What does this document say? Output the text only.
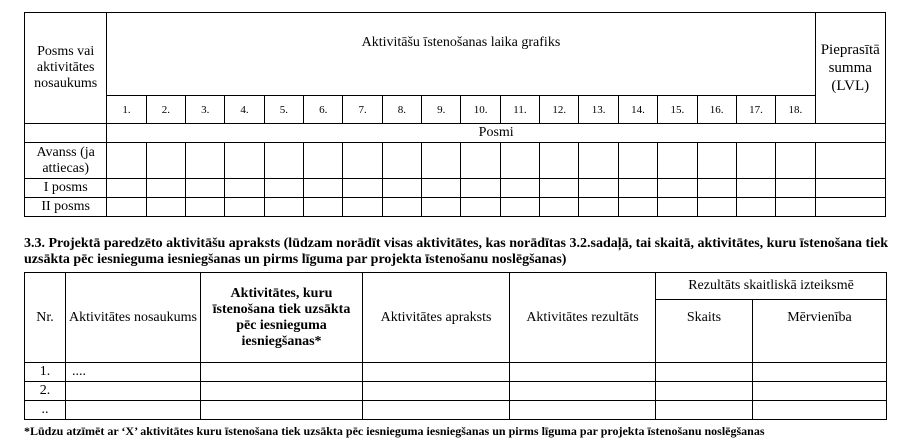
Posms vai aktivitātes nosaukums	Aktivitāšu īstenošanas laika grafiks																		Pieprasītā summa (LVL)
	1.	2.	3.	4.	5.	6.	7.	8.	9.	10.	11.	12.	13.	14.	15.	16.	17.	18.	
	Posmi																		
Avanss (ja attiecas)																			
I posms																			
II posms																			
3.3. Projektā paredzēto aktivitāšu apraksts (lūdzam norādīt visas aktivitātes, kas norādītas 3.2.sadaļā, tai skaitā, aktivitātes, kuru īstenošana tiek uzsākta pēc iesnieguma iesniegšanas un pirms līguma par projekta īstenošanu noslēgšanas)
Nr.	Aktivitātes nosaukums	Aktivitātes, kuru īstenošana tiek uzsākta pēc iesnieguma iesniegšanas*	Aktivitātes apraksts	Aktivitātes rezultāts	Rezultāts skaitliskā izteiksmē	
					Skaits	Mērvienība
1.	....					
2.						
..						
*Lūdzu atzīmēt ar ‘X’ aktivitātes kuru īstenošana tiek uzsākta pēc iesnieguma iesniegšanas un pirms līguma par projekta īstenošanu noslēgšanas
